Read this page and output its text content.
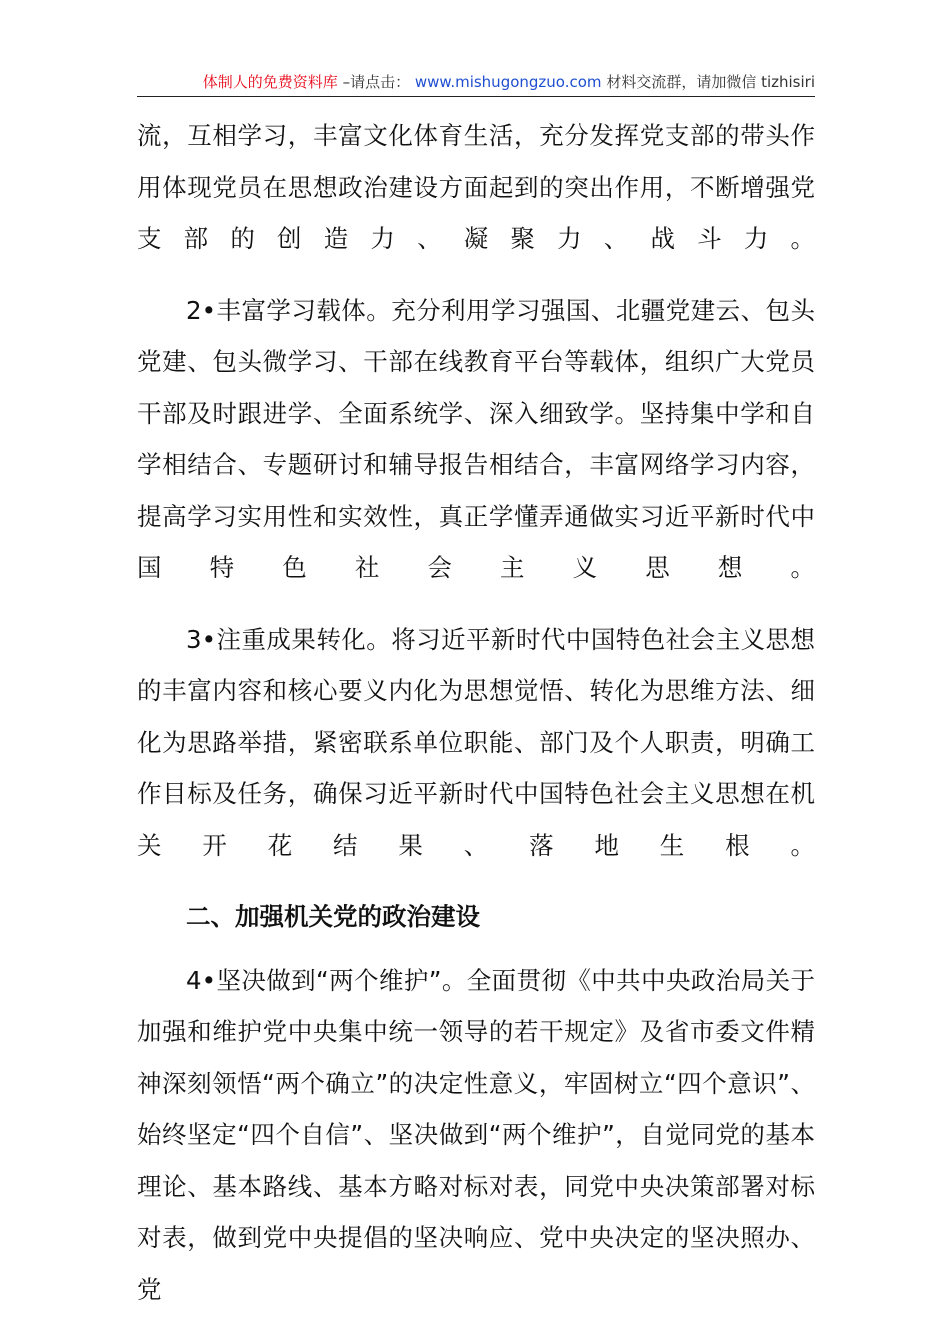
体制人的免费资料库 –请点击： www.mishugongzuo.com 材料交流群，请加微信 tizhisiri

流，互相学习，丰富文化体育生活，充分发挥党支部的带头作用体现党员在思想政治建设方面起到的突出作用，不断增强党支部的创造力、凝聚力、战斗力。

2•丰富学习载体。充分利用学习强国、北疆党建云、包头党建、包头微学习、干部在线教育平台等载体，组织广大党员干部及时跟进学、全面系统学、深入细致学。坚持集中学和自学相结合、专题研讨和辅导报告相结合，丰富网络学习内容，提高学习实用性和实效性，真正学懂弄通做实习近平新时代中国特色社会主义思想。

3•注重成果转化。将习近平新时代中国特色社会主义思想的丰富内容和核心要义内化为思想觉悟、转化为思维方法、细化为思路举措，紧密联系单位职能、部门及个人职责，明确工作目标及任务，确保习近平新时代中国特色社会主义思想在机关开花结果、落地生根。

二、加强机关党的政治建设

4•坚决做到“两个维护”。全面贯彻《中共中央政治局关于加强和维护党中央集中统一领导的若干规定》及省市委文件精神深刻领悟“两个确立”的决定性意义，牢固树立“四个意识”、始终坚定“四个自信”、坚决做到“两个维护”，自觉同党的基本理论、基本路线、基本方略对标对表，同党中央决策部署对标对表，做到党中央提倡的坚决响应、党中央决定的坚决照办、党
